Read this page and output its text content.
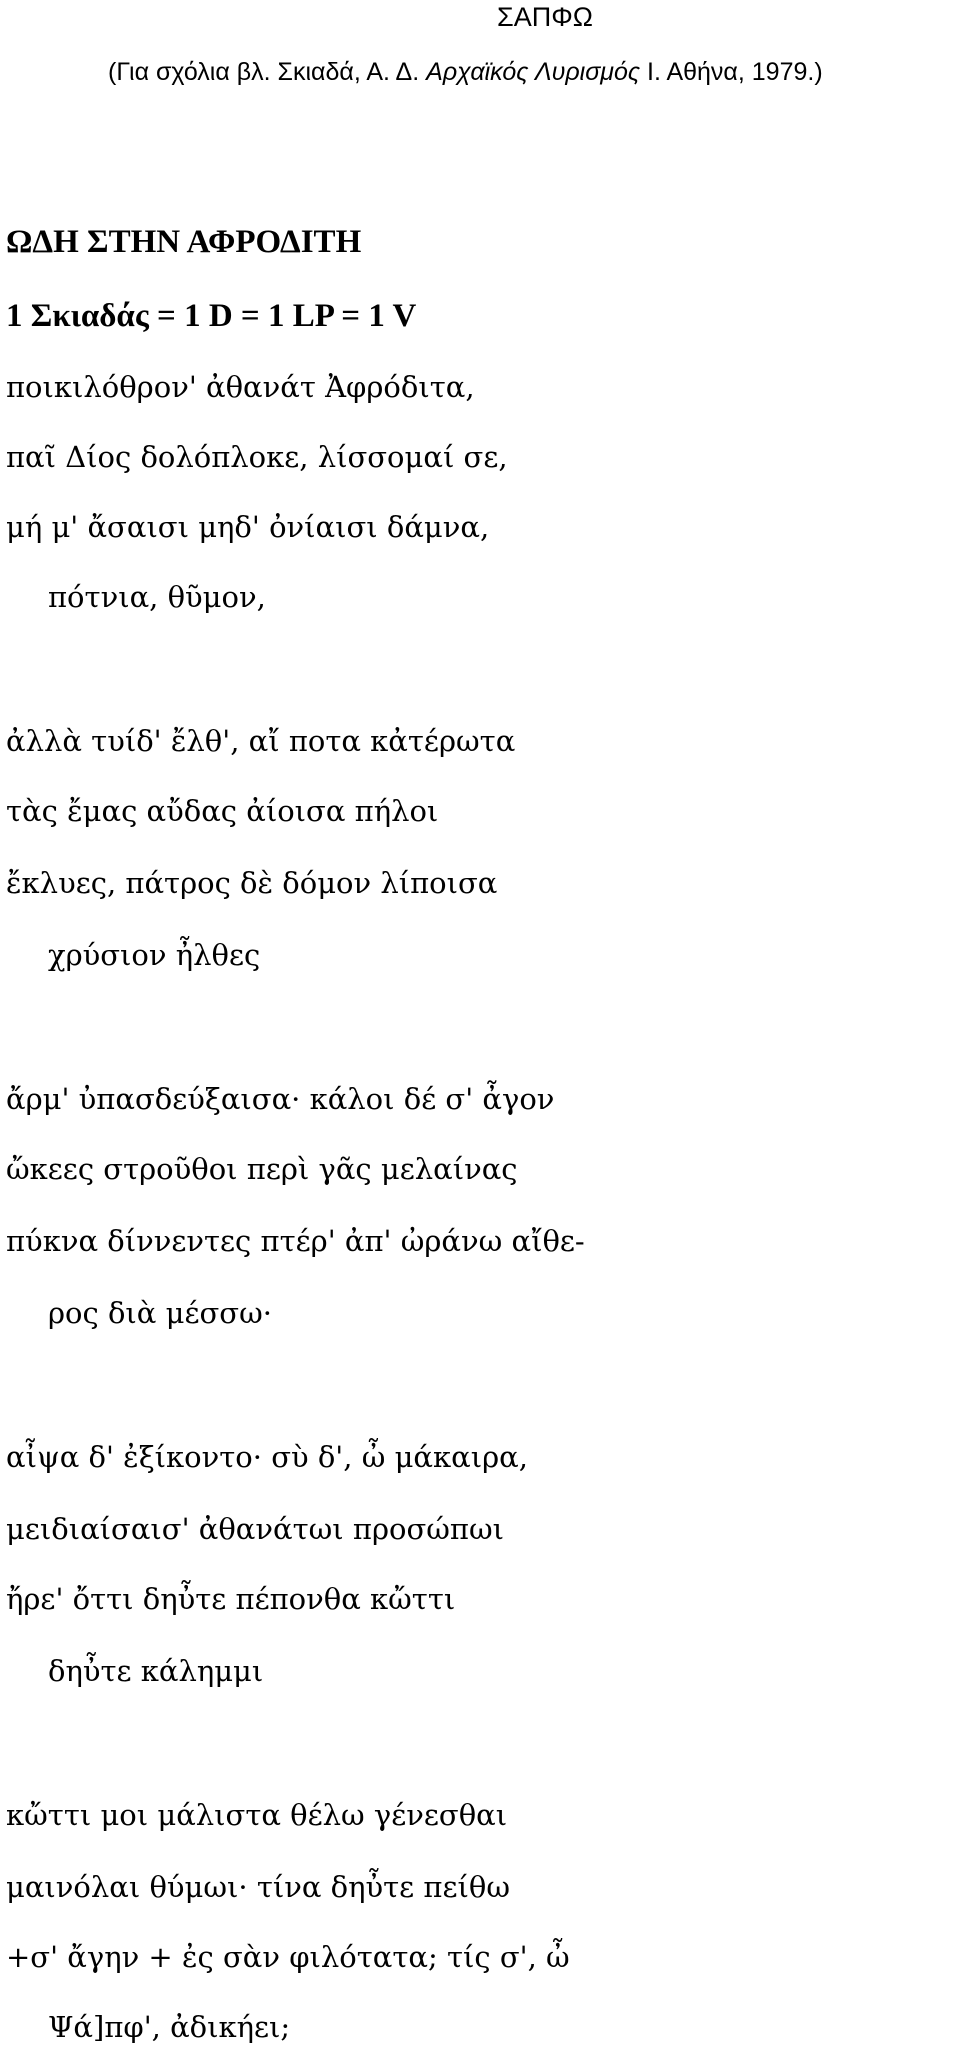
ΣΑΠΦΩ
(Για σχόλια βλ. Σκιαδά, Α. Δ. Αρχαϊκός Λυρισμός Ι. Αθήνα, 1979.)
ΩΔΗ ΣΤΗΝ ΑΦΡΟΔΙΤΗ
1 Σκιαδάς = 1 D = 1 LP = 1 V
ποικιλόθρον' ἀθανάτ Ἀφρόδιτα,
παῖ Δίος δολόπλοκε, λίσσομαί σε,
μή μ' ἄσαισι μηδ' ὀνίαισι δάμνα,
πότνια, θῦμον,
ἀλλὰ τυίδ' ἔλθ', αἴ ποτα κἀτέρωτα
τὰς ἔμας αὔδας ἀίοισα πήλοι
ἔκλυες, πάτρος δὲ δόμον λίποισα
χρύσιον ἦλθες
ἄρμ' ὐπασδεύξαισα· κάλοι δέ σ' ἆγον
ὤκεες στροῦθοι περὶ γᾶς μελαίνας
πύκνα δίννεντες πτέρ' ἀπ' ὠράνω αἴθε-
ρος διὰ μέσσω·
αἶψα δ' ἐξίκοντο· σὺ δ', ὦ μάκαιρα,
μειδιαίσαισ' ἀθανάτωι προσώπωι
ἤρε' ὄττι δηὖτε πέπονθα κὤττι
δηὖτε κάλημμι
κὤττι μοι μάλιστα θέλω γένεσθαι
μαινόλαι θύμωι· τίνα δηὖτε πείθω
+σ' ἄγην + ἐς σὰν φιλότατα; τίς σ', ὦ
Ψά]πφ', ἀδικήει;
